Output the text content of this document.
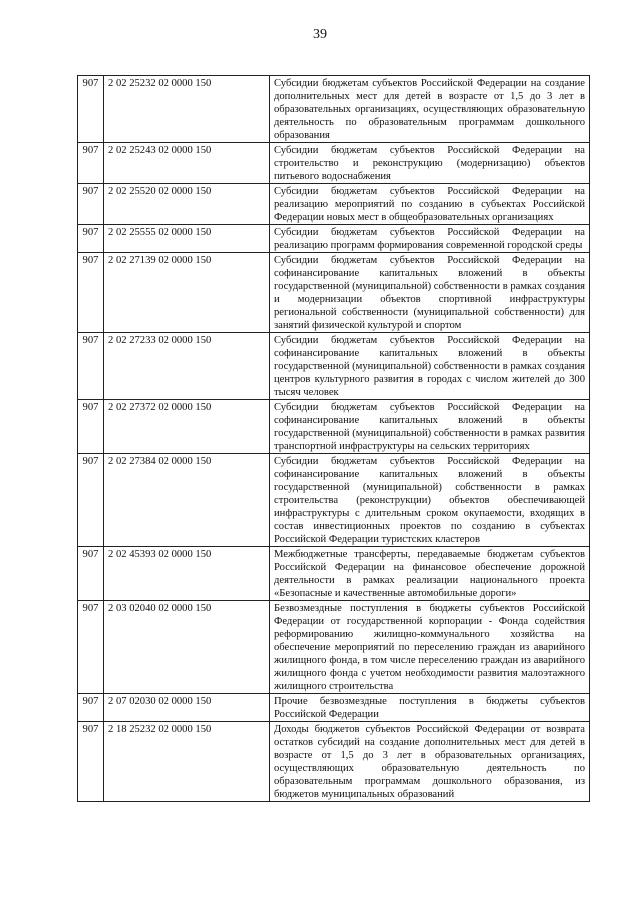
39
907	2 02 25232 02 0000 150	Субсидии бюджетам субъектов Российской Федерации на создание дополнительных мест для детей в возрасте от 1,5 до 3 лет в образовательных организациях, осуществляющих образовательную деятельность по образовательным программам дошкольного образования
907	2 02 25243 02 0000 150	Субсидии бюджетам субъектов Российской Федерации на строительство и реконструкцию (модернизацию) объектов питьевого водоснабжения
907	2 02 25520 02 0000 150	Субсидии бюджетам субъектов Российской Федерации на реализацию мероприятий по созданию в субъектах Российской Федерации новых мест в общеобразовательных организациях
907	2 02 25555 02 0000 150	Субсидии бюджетам субъектов Российской Федерации на реализацию программ формирования современной городской среды
907	2 02 27139 02 0000 150	Субсидии бюджетам субъектов Российской Федерации на софинансирование капитальных вложений в объекты государственной (муниципальной) собственности в рамках создания и модернизации объектов спортивной инфраструктуры региональной собственности (муниципальной собственности) для занятий физической культурой и спортом
907	2 02 27233 02 0000 150	Субсидии бюджетам субъектов Российской Федерации на софинансирование капитальных вложений в объекты государственной (муниципальной) собственности в рамках создания центров культурного развития в городах с числом жителей до 300 тысяч человек
907	2 02 27372 02 0000 150	Субсидии бюджетам субъектов Российской Федерации на софинансирование капитальных вложений в объекты государственной (муниципальной) собственности в рамках развития транспортной инфраструктуры на сельских территориях
907	2 02 27384 02 0000 150	Субсидии бюджетам субъектов Российской Федерации на софинансирование капитальных вложений в объекты государственной (муниципальной) собственности в рамках строительства (реконструкции) объектов обеспечивающей инфраструктуры с длительным сроком окупаемости, входящих в состав инвестиционных проектов по созданию в субъектах Российской Федерации туристских кластеров
907	2 02 45393 02 0000 150	Межбюджетные трансферты, передаваемые бюджетам субъектов Российской Федерации на финансовое обеспечение дорожной деятельности в рамках реализации национального проекта «Безопасные и качественные автомобильные дороги»
907	2 03 02040 02 0000 150	Безвозмездные поступления в бюджеты субъектов Российской Федерации от государственной корпорации - Фонда содействия реформированию жилищно-коммунального хозяйства на обеспечение мероприятий по переселению граждан из аварийного жилищного фонда, в том числе переселению граждан из аварийного жилищного фонда с учетом необходимости развития малоэтажного жилищного строительства
907	2 07 02030 02 0000 150	Прочие безвозмездные поступления в бюджеты субъектов Российской Федерации
907	2 18 25232 02 0000 150	Доходы бюджетов субъектов Российской Федерации от возврата остатков субсидий на создание дополнительных мест для детей в возрасте от 1,5 до 3 лет в образовательных организациях, осуществляющих образовательную деятельность по образовательным программам дошкольного образования, из бюджетов муниципальных образований
